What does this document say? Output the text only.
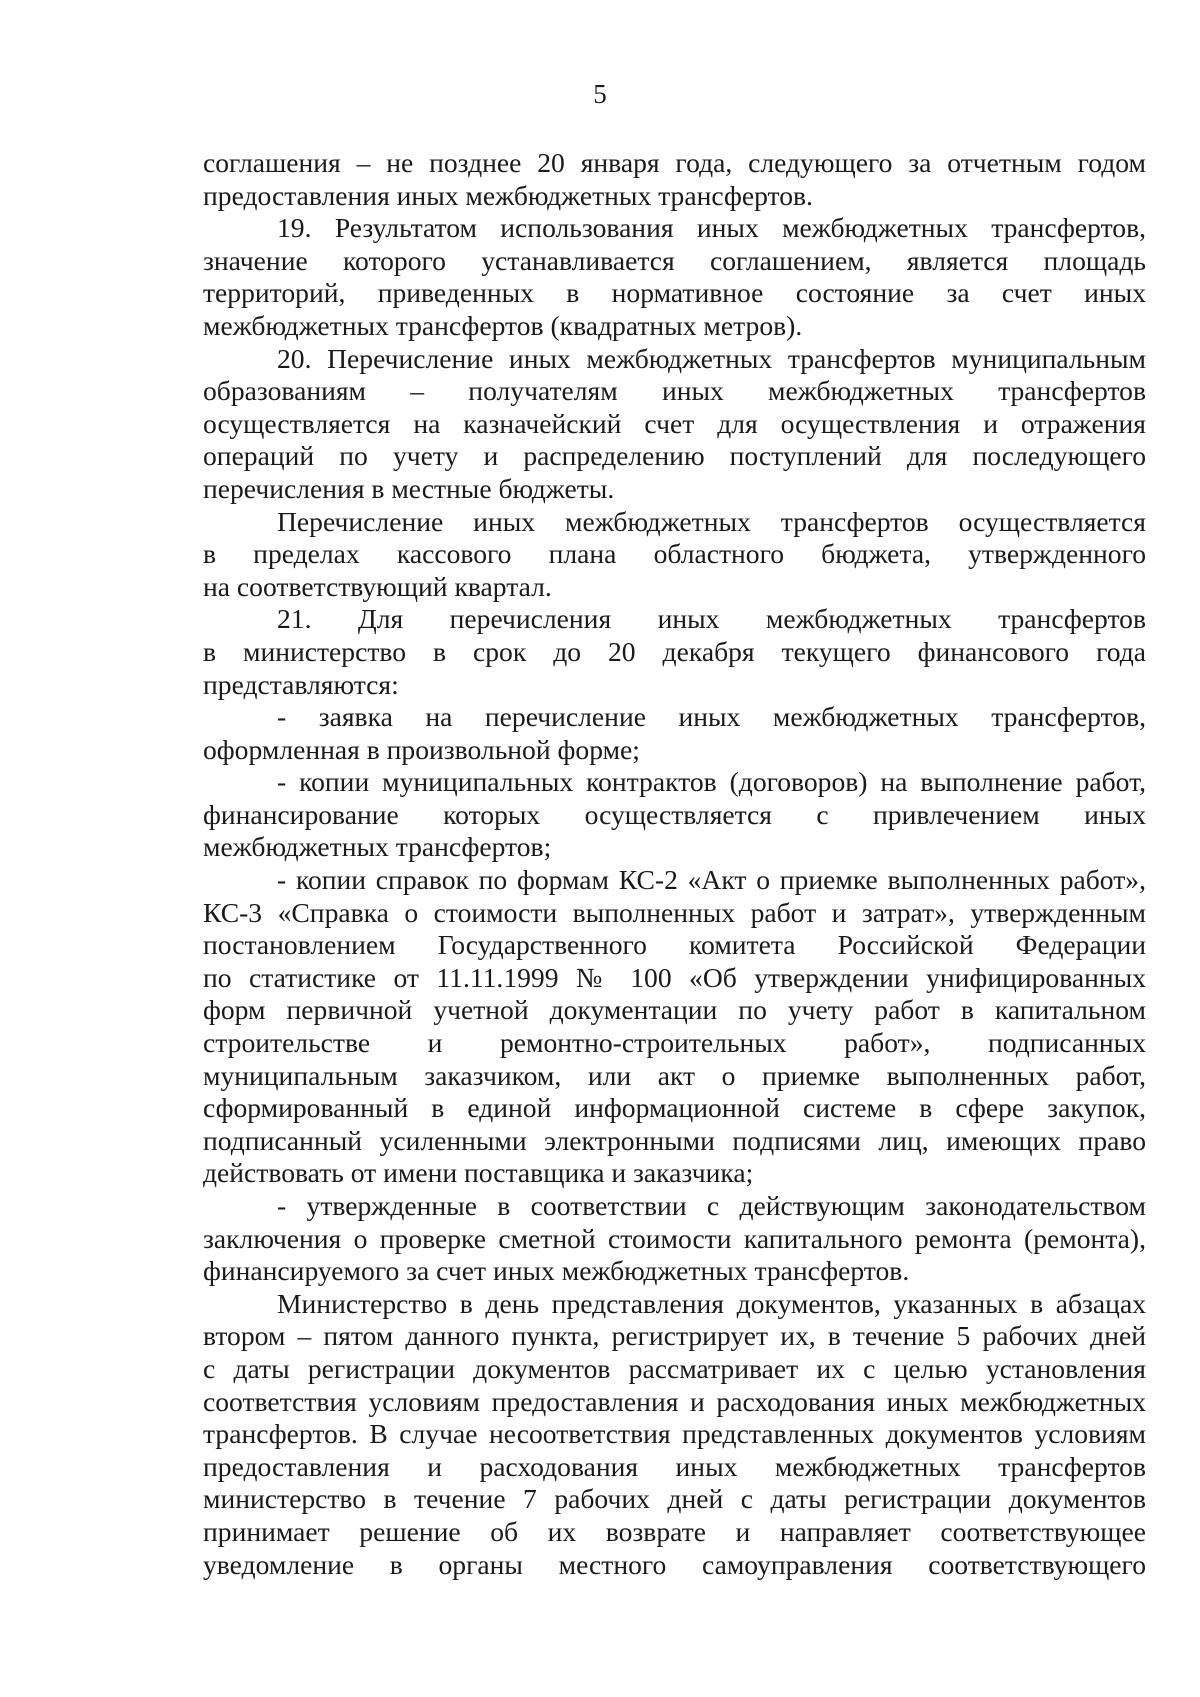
5
соглашения – не позднее 20 января года, следующего за отчетным годом
предоставления иных межбюджетных трансфертов.
19. Результатом использования иных межбюджетных трансфертов,
значение которого устанавливается соглашением, является площадь
территорий, приведенных в нормативное состояние за счет иных
межбюджетных трансфертов (квадратных метров).
20. Перечисление иных межбюджетных трансфертов муниципальным
образованиям – получателям иных межбюджетных трансфертов
осуществляется на казначейский счет для осуществления и отражения
операций по учету и распределению поступлений для последующего
перечисления в местные бюджеты.
Перечисление иных межбюджетных трансфертов осуществляется
в пределах кассового плана областного бюджета, утвержденного
на соответствующий квартал.
21. Для перечисления иных межбюджетных трансфертов
в министерство в срок до 20 декабря текущего финансового года
представляются:
- заявка на перечисление иных межбюджетных трансфертов,
оформленная в произвольной форме;
- копии муниципальных контрактов (договоров) на выполнение работ,
финансирование которых осуществляется с привлечением иных
межбюджетных трансфертов;
- копии справок по формам КС-2 «Акт о приемке выполненных работ»,
КС-3 «Справка о стоимости выполненных работ и затрат», утвержденным
постановлением Государственного комитета Российской Федерации
по статистике от 11.11.1999 № 100 «Об утверждении унифицированных
форм первичной учетной документации по учету работ в капитальном
строительстве и ремонтно-строительных работ», подписанных
муниципальным заказчиком, или акт о приемке выполненных работ,
сформированный в единой информационной системе в сфере закупок,
подписанный усиленными электронными подписями лиц, имеющих право
действовать от имени поставщика и заказчика;
- утвержденные в соответствии с действующим законодательством
заключения о проверке сметной стоимости капитального ремонта (ремонта),
финансируемого за счет иных межбюджетных трансфертов.
Министерство в день представления документов, указанных в абзацах
втором – пятом данного пункта, регистрирует их, в течение 5 рабочих дней
с даты регистрации документов рассматривает их с целью установления
соответствия условиям предоставления и расходования иных межбюджетных
трансфертов. В случае несоответствия представленных документов условиям
предоставления и расходования иных межбюджетных трансфертов
министерство в течение 7 рабочих дней с даты регистрации документов
принимает решение об их возврате и направляет соответствующее
уведомление в органы местного самоуправления соответствующего
